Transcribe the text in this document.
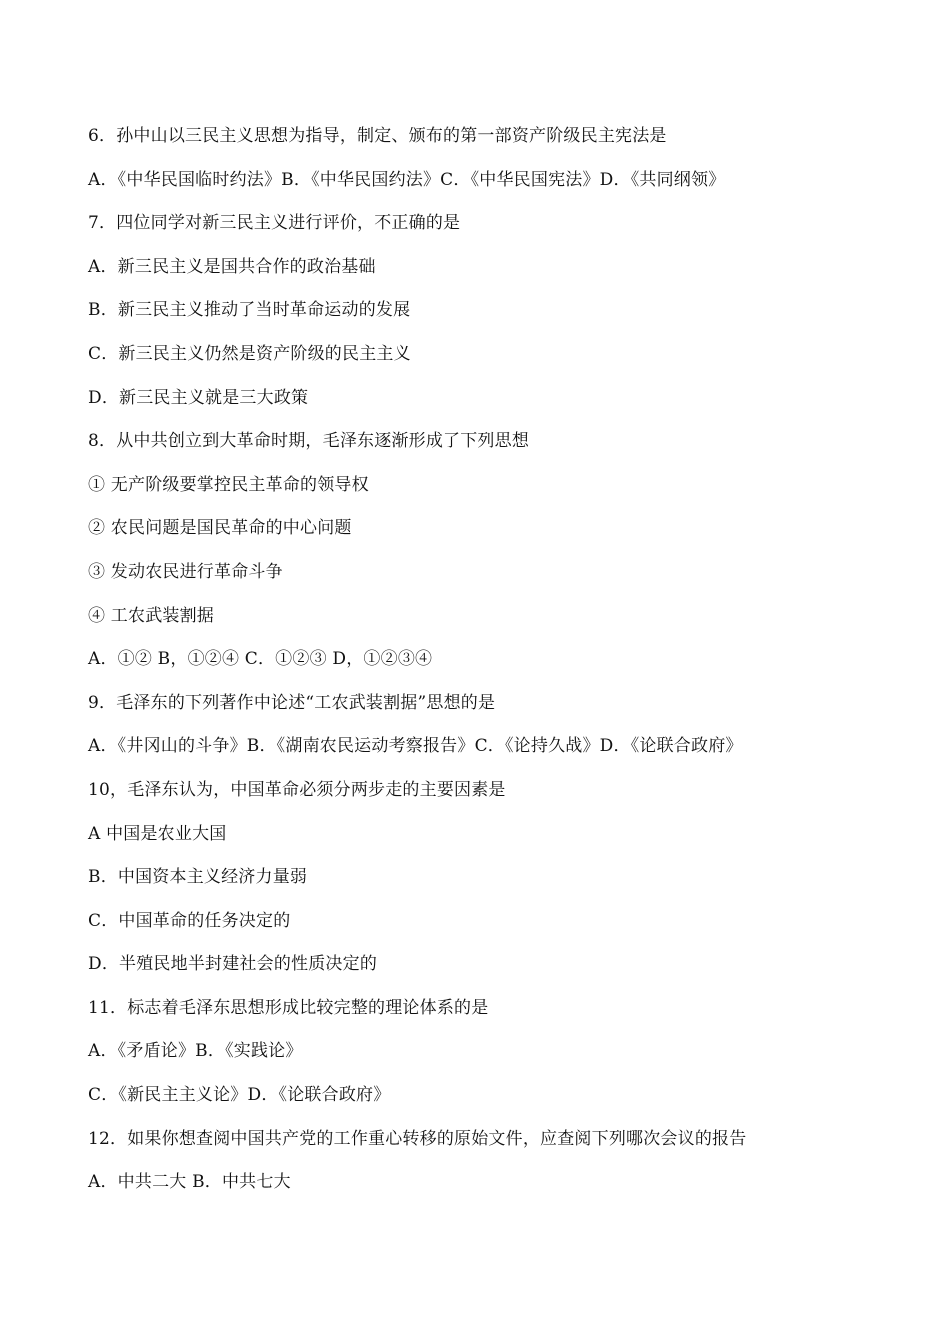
6．孙中山以三民主义思想为指导，制定、颁布的第一部资产阶级民主宪法是
A．《中华民国临时约法》B．《中华民国约法》C．《中华民国宪法》D．《共同纲领》
7．四位同学对新三民主义进行评价，不正确的是
A．新三民主义是国共合作的政治基础
B．新三民主义推动了当时革命运动的发展
C．新三民主义仍然是资产阶级的民主主义
D．新三民主义就是三大政策
8．从中共创立到大革命时期，毛泽东逐渐形成了下列思想
① 无产阶级要掌控民主革命的领导权
② 农民问题是国民革命的中心问题
③ 发动农民进行革命斗争
④ 工农武装割据
A．①② B，①②④ C．①②③ D，①②③④
9．毛泽东的下列著作中论述“工农武装割据”思想的是
A．《井冈山的斗争》B．《湖南农民运动考察报告》C．《论持久战》D．《论联合政府》
10，毛泽东认为，中国革命必须分两步走的主要因素是
A 中国是农业大国
B．中国资本主义经济力量弱
C．中国革命的任务决定的
D．半殖民地半封建社会的性质决定的
11．标志着毛泽东思想形成比较完整的理论体系的是
A．《矛盾论》B．《实践论》
C．《新民主主义论》D．《论联合政府》
12．如果你想查阅中国共产党的工作重心转移的原始文件，应查阅下列哪次会议的报告
A．中共二大 B．中共七大
